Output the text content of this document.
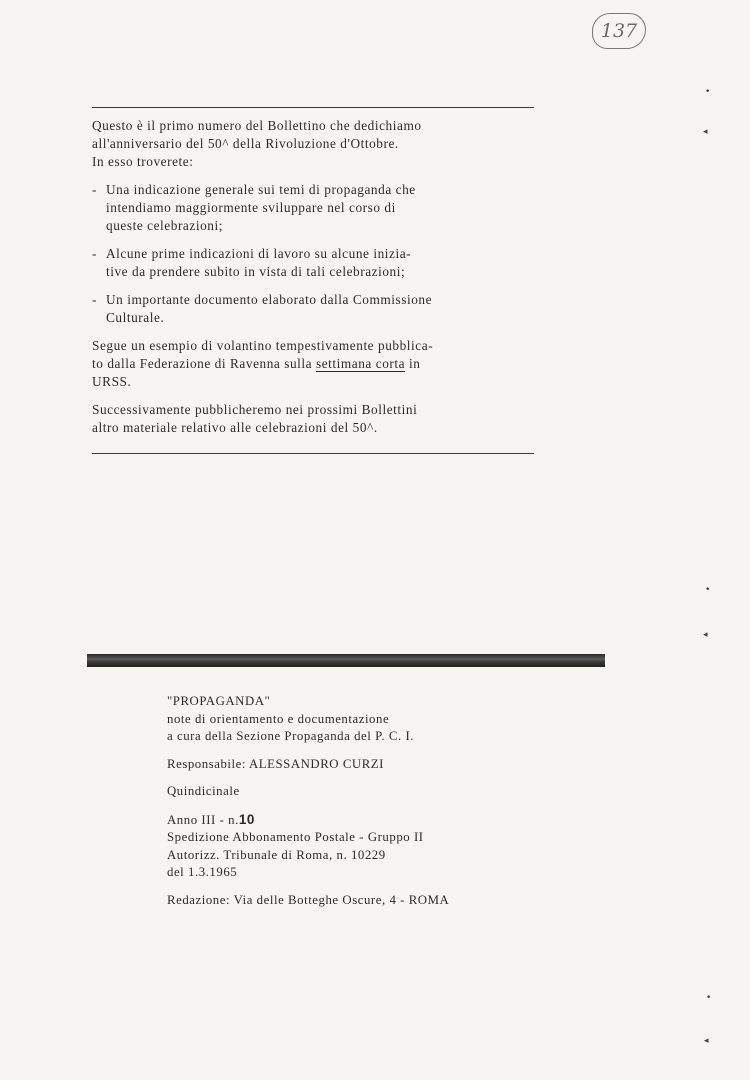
137
Questo è il primo numero del Bollettino che dedichiamo
all'anniversario del 50^ della Rivoluzione d'Ottobre.
In esso troverete:
- Una indicazione generale sui temi di propaganda che
intendiamo maggiormente sviluppare nel corso di
queste celebrazioni;
- Alcune prime indicazioni di lavoro su alcune inizia-
tive da prendere subito in vista di tali celebrazioni;
- Un importante documento elaborato dalla Commissione
Culturale.
Segue un esempio di volantino tempestivamente pubblica-
to dalla Federazione di Ravenna sulla settimana corta in
URSS.
Successivamente pubblicheremo nei prossimi Bollettini
altro materiale relativo alle celebrazioni del 50^.
"PROPAGANDA"
note di orientamento e documentazione
a cura della Sezione Propaganda del P. C. I.
Responsabile: ALESSANDRO CURZI
Quindicinale
Anno III - n.10
Spedizione Abbonamento Postale - Gruppo II
Autorizz. Tribunale di Roma, n. 10229
del 1.3.1965
Redazione: Via delle Botteghe Oscure, 4 - ROMA
•
◂
•
◂
•
◂
